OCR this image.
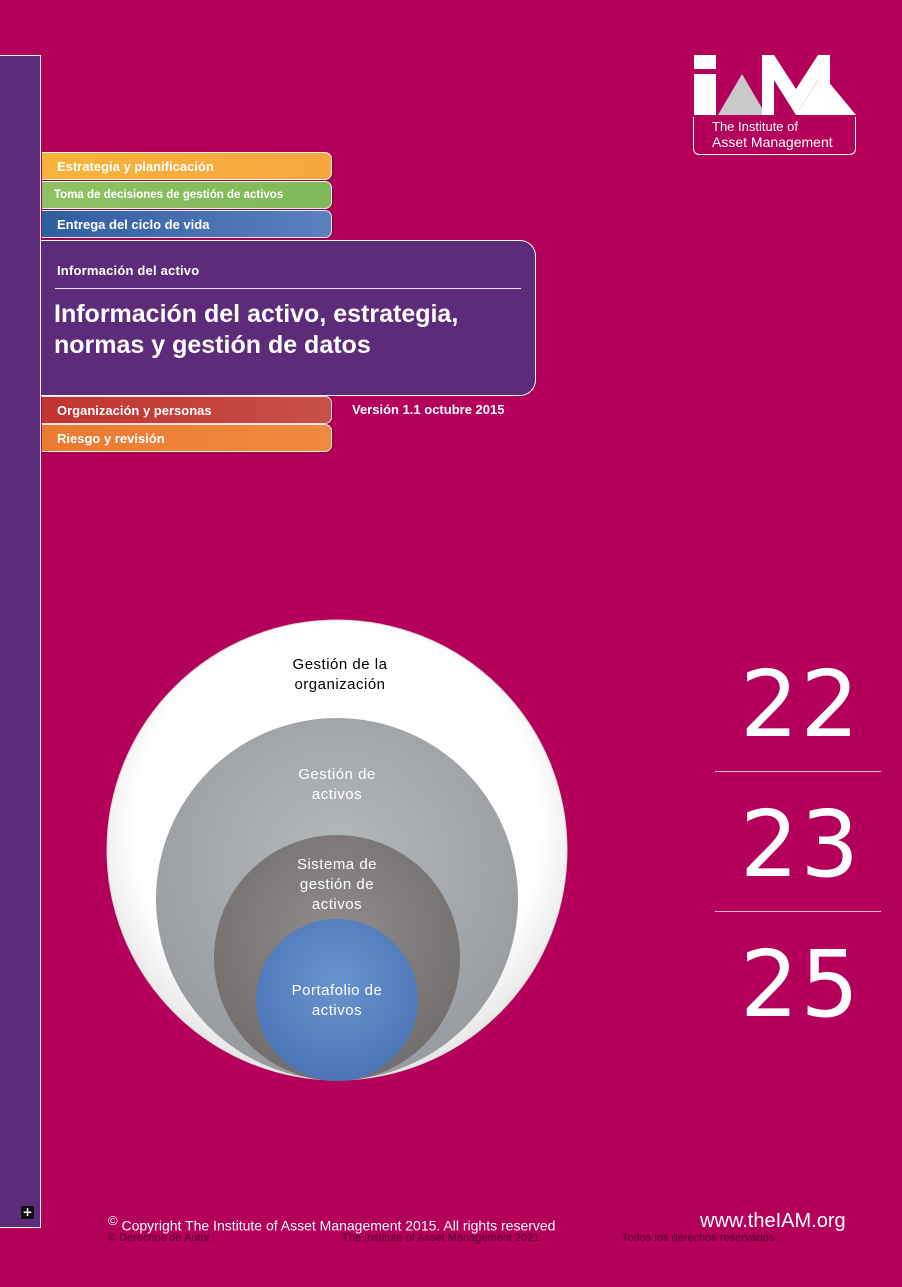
+
The Institute of
Asset Management
Estrategia y planificación
Toma de decisiones de gestión de activos
Entrega del ciclo de vida
Información del activo
Información del activo, estrategia, normas y gestión de datos
Organización y personas
Riesgo y revisión
Versión 1.1 octubre 2015
Gestión de la organización
Gestión de activos
Sistema de gestión de activos
Portafolio de activos
22
23
25
© Copyright The Institute of Asset Management 2015. All rights reserved	www.theIAM.org
© Derechos de Autor	The Institute of Asset Management 2021	Todos los derechos reservados
